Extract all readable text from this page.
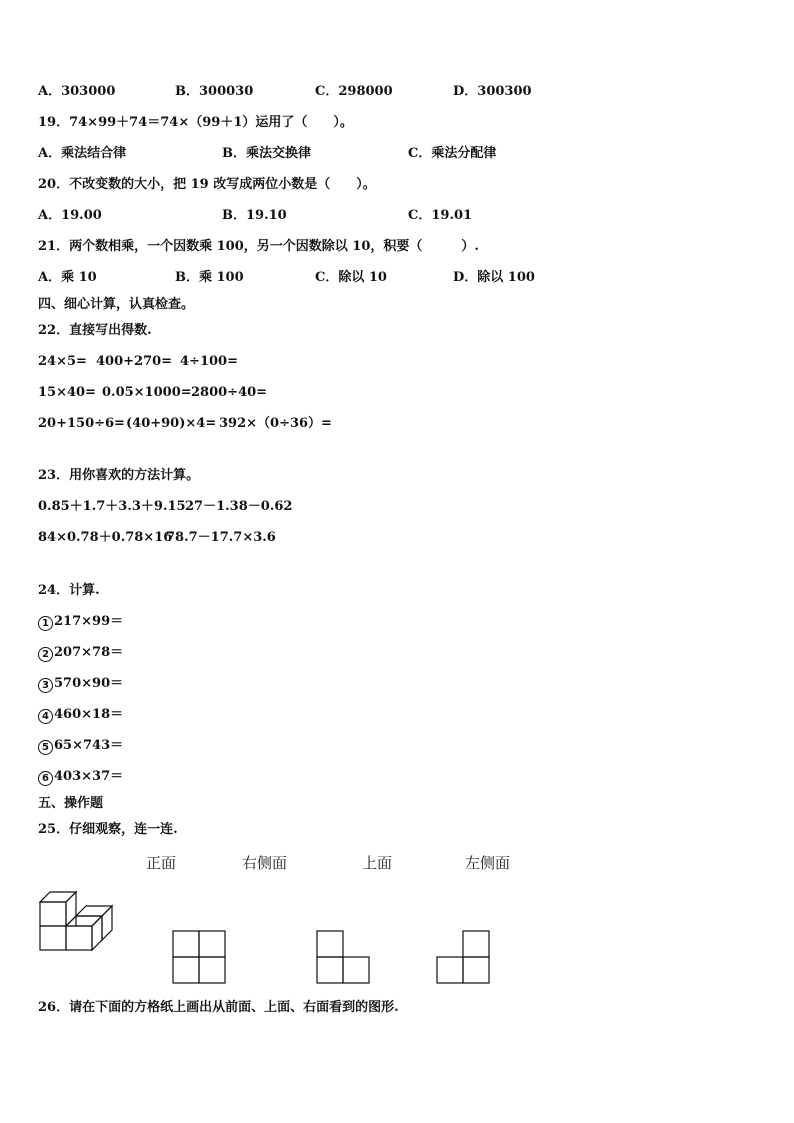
A．303000	B．300030	C．298000	D．300300
19．74×99＋74＝74×（99＋1）运用了（　　）。
A．乘法结合律	B．乘法交换律	C．乘法分配律
20．不改变数的大小，把 19 改写成两位小数是（　　）。
A．19.00	B．19.10	C．19.01
21．两个数相乘，一个因数乘 100，另一个因数除以 10，积要（　　　）.
A．乘 10	B．乘 100	C．除以 10	D．除以 100
四、细心计算，认真检查。
22．直接写出得数.
24×5= 400+270= 4÷100=
15×40= 0.05×1000= 2800÷40=
20+150÷6= (40+90)×4= 392×（0÷36）=
23．用你喜欢的方法计算。
0.85＋1.7＋3.3＋9.15 27－1.38－0.62
84×0.78＋0.78×16
78.7－17.7×3.6
24．计算.
1 217×99＝
2 207×78＝
3 570×90＝
4 460×18＝
5 65×743＝
6 403×37＝
五、操作题
25．仔细观察，连一连.
正面	右侧面	上面	左侧面
26．请在下面的方格纸上画出从前面、上面、右面看到的图形.
